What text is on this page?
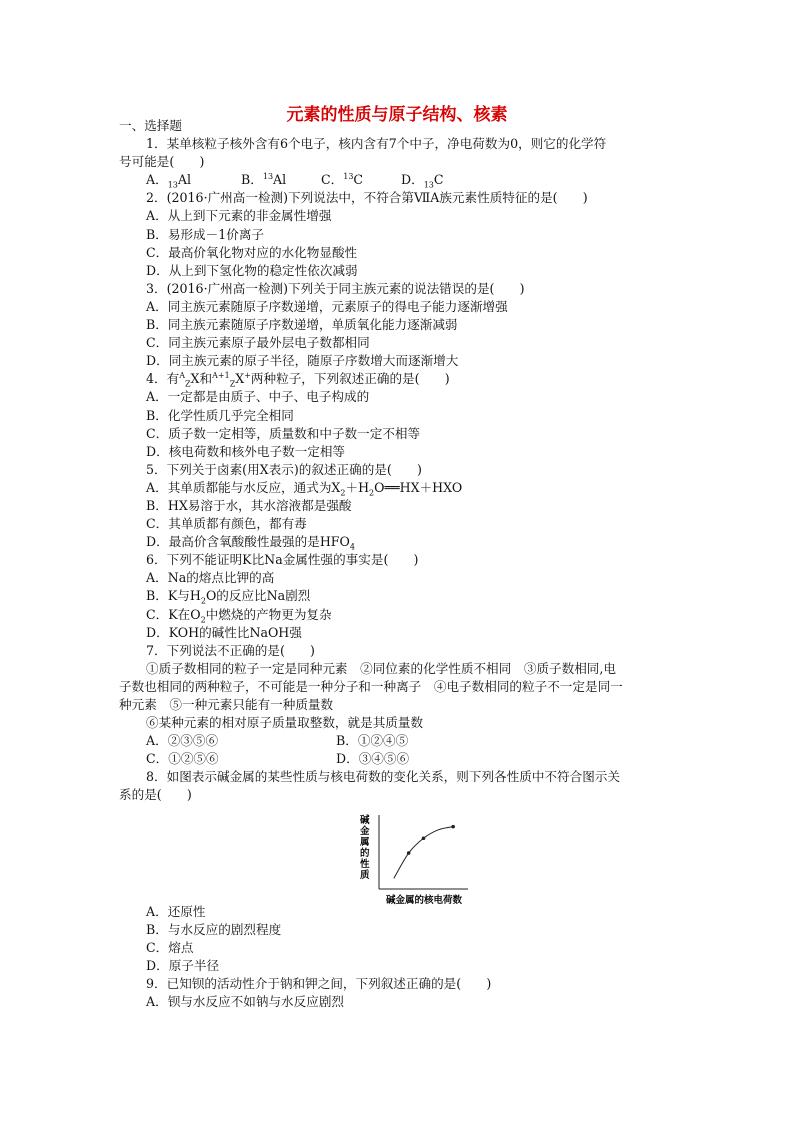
元素的性质与原子结构、核素
一、选择题
1．某单核粒子核外含有6个电子，核内含有7个中子，净电荷数为0，则它的化学符
号可能是(　　)
A．$_{13}$Al	B．$^{13}$Al	C．$^{13}$C	D．$_{13}$C
2．(2016·广州高一检测)下列说法中，不符合第ⅦA族元素性质特征的是(　　)
A．从上到下元素的非金属性增强
B．易形成－1价离子
C．最高价氧化物对应的水化物显酸性
D．从上到下氢化物的稳定性依次减弱
3．(2016·广州高一检测)下列关于同主族元素的说法错误的是(　　)
A．同主族元素随原子序数递增，元素原子的得电子能力逐渐增强
B．同主族元素随原子序数递增，单质氧化能力逐渐减弱
C．同主族元素原子最外层电子数都相同
D．同主族元素的原子半径，随原子序数增大而逐渐增大
4．有$^A_Z$X和$^{A+1}_Z$X+两种粒子，下列叙述正确的是(　　)
A．一定都是由质子、中子、电子构成的
B．化学性质几乎完全相同
C．质子数一定相等，质量数和中子数一定不相等
D．核电荷数和核外电子数一定相等
5．下列关于卤素(用X表示)的叙述正确的是(　　)
A．其单质都能与水反应，通式为$X_2+H_2O══HX+HXO$
B．HX易溶于水，其水溶液都是强酸
C．其单质都有颜色，都有毒
D．最高价含氧酸酸性最强的是$HFO_4$
6．下列不能证明K比Na金属性强的事实是(　　)
A．Na的熔点比钾的高
B．K与$H_2O$的反应比Na剧烈
C．K在$O_2$中燃烧的产物更为复杂
D．KOH的碱性比NaOH强
7．下列说法不正确的是(　　)
①质子数相同的粒子一定是同种元素　②同位素的化学性质不相同　③质子数相同,电
子数也相同的两种粒子，不可能是一种分子和一种离子　④电子数相同的粒子不一定是同一
种元素　⑤一种元素只能有一种质量数
⑥某种元素的相对原子质量取整数，就是其质量数
A．②③⑤⑥	B．①②④⑤
C．①②⑤⑥	D．③④⑤⑥
8．如图表示碱金属的某些性质与核电荷数的变化关系，则下列各性质中不符合图示关
系的是(　　)
A．还原性
B．与水反应的剧烈程度
C．熔点
D．原子半径
9．已知钡的活动性介于钠和钾之间，下列叙述正确的是(　　)
A．钡与水反应不如钠与水反应剧烈
碱金属的性质
碱金属的核电荷数
